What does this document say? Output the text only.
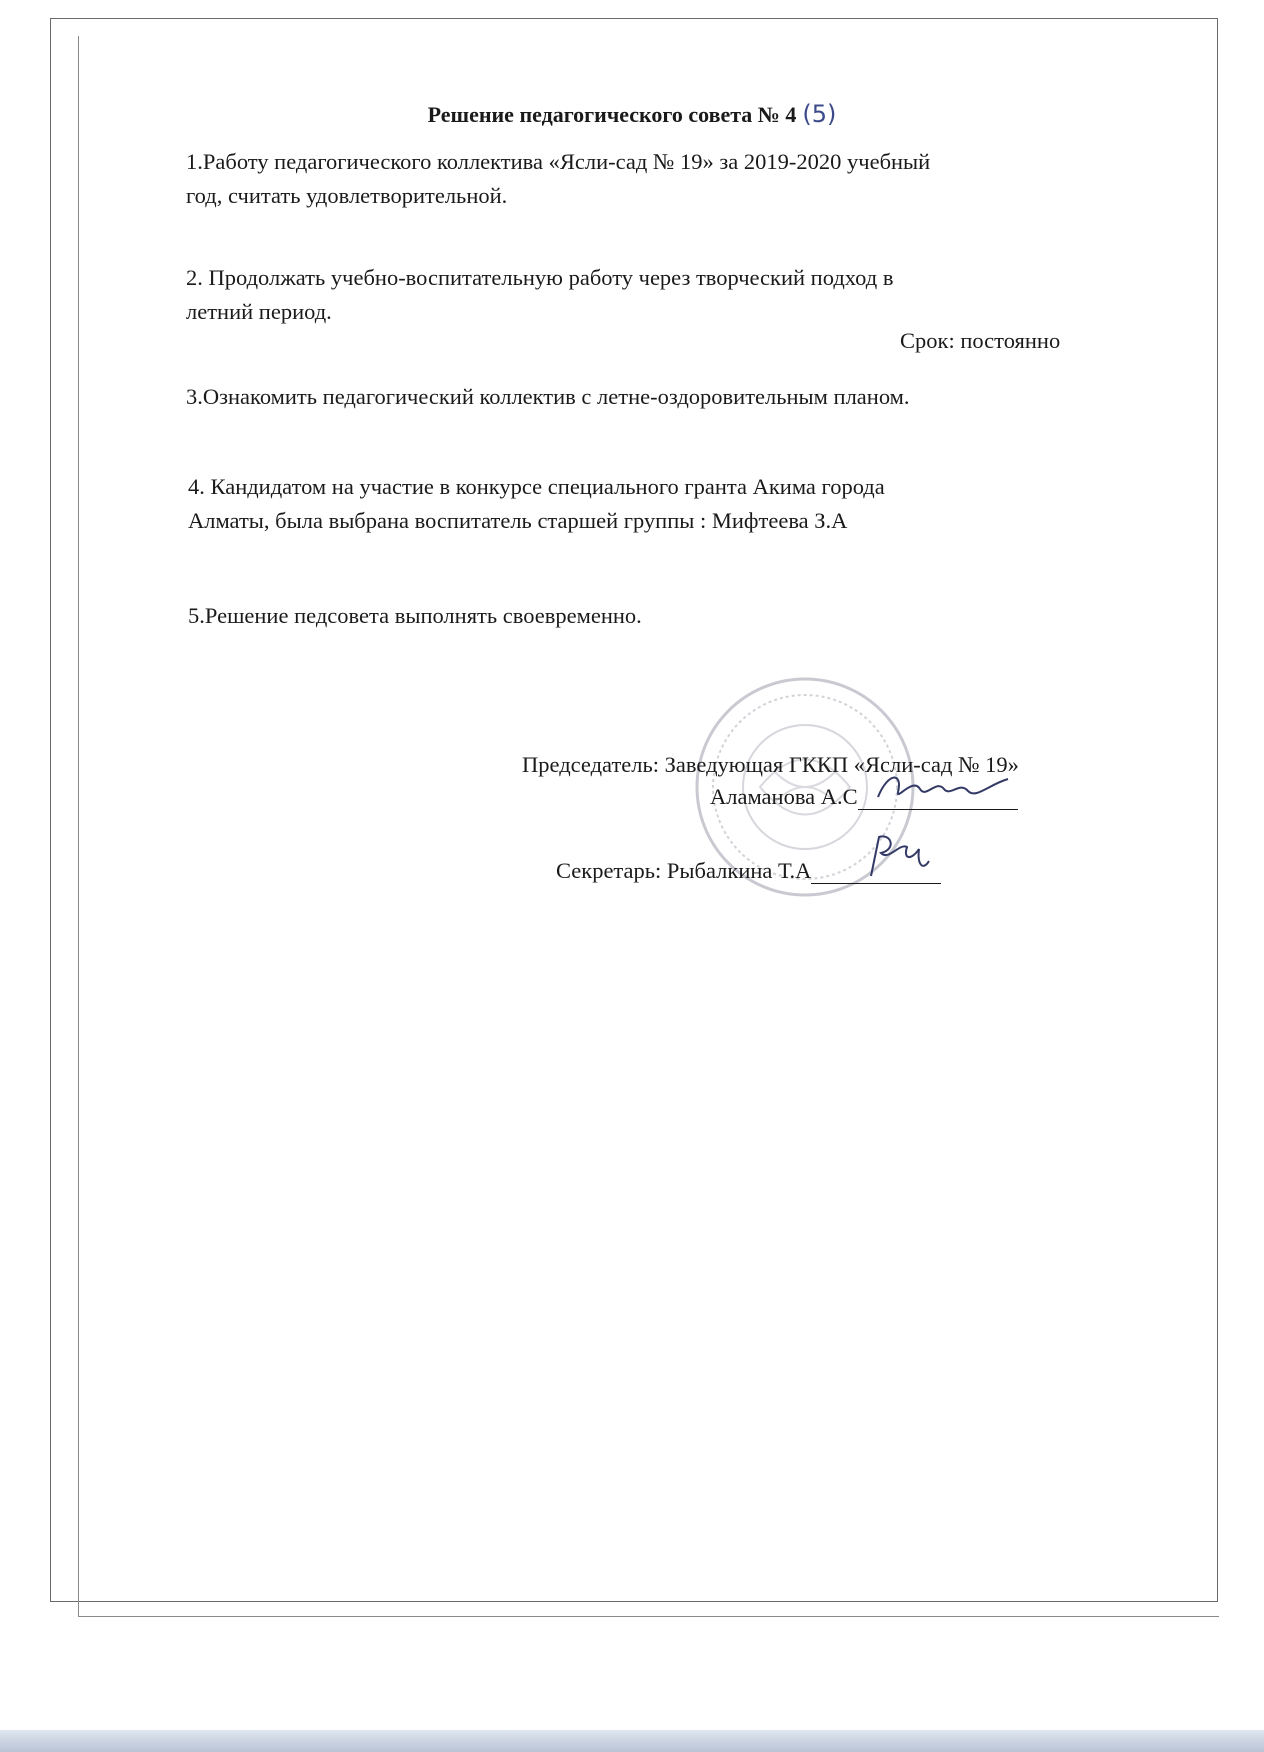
Решение педагогического совета № 4 (5)
1.Работу педагогического коллектива «Ясли-сад № 19» за 2019-2020 учебный
год, считать удовлетворительной.
2. Продолжать учебно-воспитательную работу через творческий подход в
летний период.
Срок: постоянно
3.Ознакомить педагогический коллектив с летне-оздоровительным планом.
4. Кандидатом на участие в конкурсе специального гранта Акима города
Алматы, была выбрана воспитатель старшей группы : Мифтеева З.А
5.Решение педсовета выполнять своевременно.
Председатель: Заведующая ГККП «Ясли-сад № 19»
Аламанова А.С
Секретарь: Рыбалкина Т.А
